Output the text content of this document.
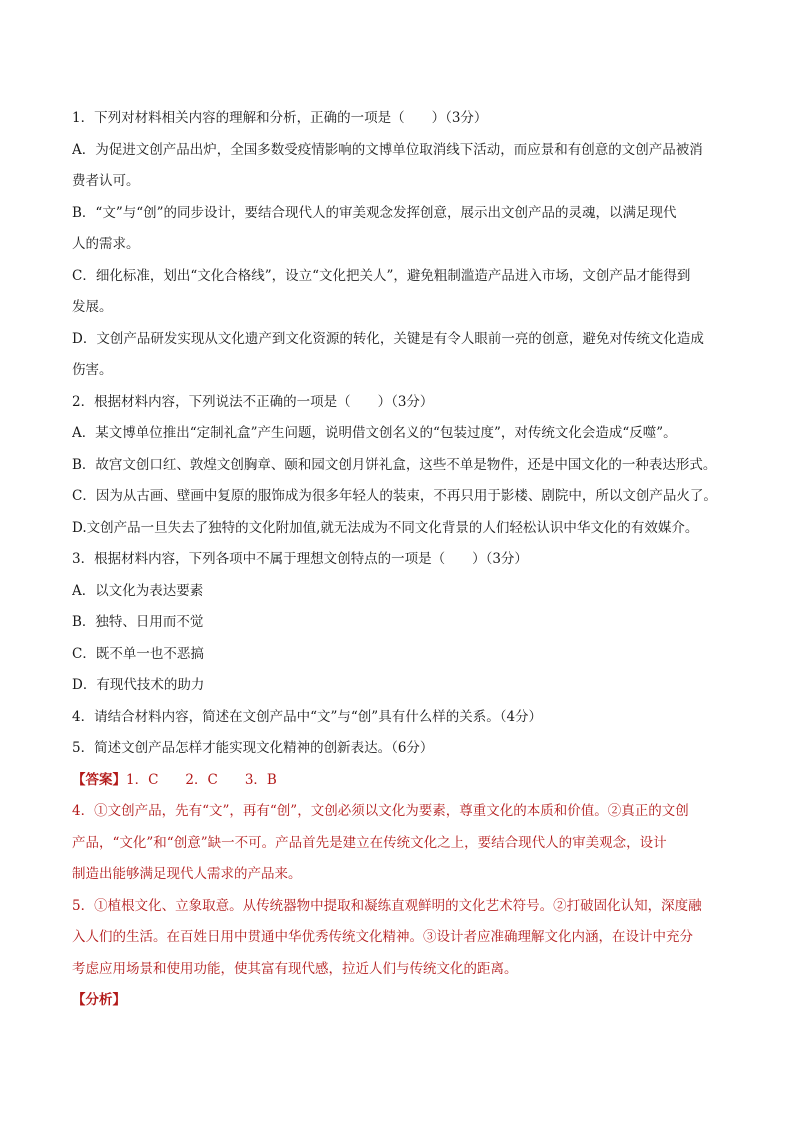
1．下列对材料相关内容的理解和分析，正确的一项是（　　）（3分）
A．为促进文创产品出炉，全国多数受疫情影响的文博单位取消线下活动，而应景和有创意的文创产品被消
费者认可。
B．“文”与“创”的同步设计，要结合现代人的审美观念发挥创意，展示出文创产品的灵魂，以满足现代
人的需求。
C．细化标准，划出“文化合格线”，设立“文化把关人”，避免粗制滥造产品进入市场，文创产品才能得到
发展。
D．文创产品研发实现从文化遗产到文化资源的转化，关键是有令人眼前一亮的创意，避免对传统文化造成
伤害。
2．根据材料内容，下列说法不正确的一项是（　　）（3分）
A．某文博单位推出“定制礼盒”产生问题，说明借文创名义的“包装过度”，对传统文化会造成“反噬”。
B．故宫文创口红、敦煌文创胸章、颐和园文创月饼礼盒，这些不单是物件，还是中国文化的一种表达形式。
C．因为从古画、壁画中复原的服饰成为很多年轻人的装束，不再只用于影楼、剧院中，所以文创产品火了。
D.文创产品一旦失去了独特的文化附加值,就无法成为不同文化背景的人们轻松认识中华文化的有效媒介。
3．根据材料内容，下列各项中不属于理想文创特点的一项是（　　）（3分）
A．以文化为表达要素
B．独特、日用而不觉
C．既不单一也不恶搞
D．有现代技术的助力
4．请结合材料内容，简述在文创产品中“文”与“创”具有什么样的关系。（4分）
5．简述文创产品怎样才能实现文化精神的创新表达。（6分）
【答案】1．C　　2．C　　3．B
4．①文创产品，先有“文”，再有“创”，文创必须以文化为要素，尊重文化的本质和价值。②真正的文创
产品，“文化”和“创意”缺一不可。产品首先是建立在传统文化之上，要结合现代人的审美观念，设计
制造出能够满足现代人需求的产品来。
5．①植根文化、立象取意。从传统器物中提取和凝练直观鲜明的文化艺术符号。②打破固化认知，深度融
入人们的生活。在百姓日用中贯通中华优秀传统文化精神。③设计者应准确理解文化内涵，在设计中充分
考虑应用场景和使用功能，使其富有现代感，拉近人们与传统文化的距离。
【分析】
